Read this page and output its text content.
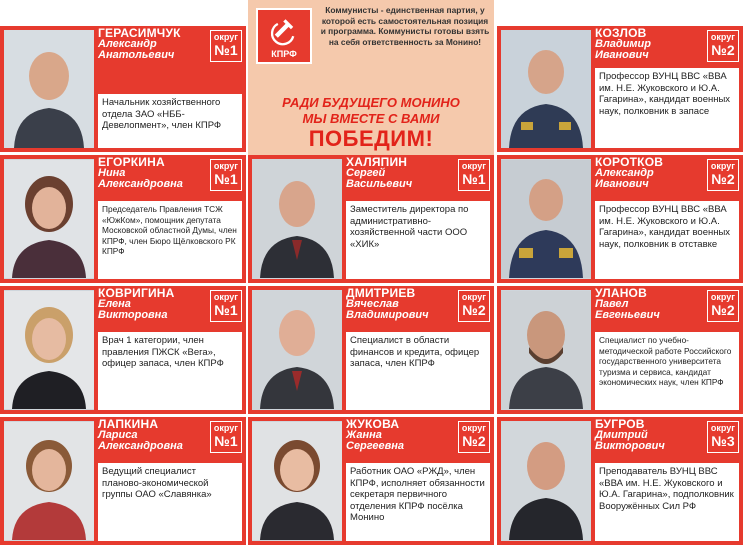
КПРФ
Коммунисты - единственная партия, у которой есть самостоятельная позиция и программа. Коммунисты готовы взять на себя ответственность за Монино!
РАДИ БУДУЩЕГО МОНИНО
МЫ ВМЕСТЕ С ВАМИ
ПОБЕДИМ!
ГЕРАСИМЧУК
Александр
Анатольевич
округ
№1
Начальник хозяйственного отдела ЗАО «НББ-Девелопмент», член КПРФ
КОЗЛОВ
Владимир
Иванович
округ
№2
Профессор ВУНЦ ВВС «ВВА им. Н.Е. Жуковского и Ю.А. Гагарина», кандидат военных наук, полковник в запасе
ЕГОРКИНА
Нина
Александровна
округ
№1
Председатель Правления ТСЖ «ЮжКом», помощник депутата Московской областной Думы, член КПРФ, член Бюро Щёлковского РК КПРФ
ХАЛЯПИН
Сергей
Васильевич
округ
№1
Заместитель директора по административно-хозяйственной части ООО «ХИК»
КОРОТКОВ
Александр
Иванович
округ
№2
Профессор ВУНЦ ВВС «ВВА им. Н.Е. Жуковского и Ю.А. Гагарина», кандидат военных наук, полковник в отставке
КОВРИГИНА
Елена
Викторовна
округ
№1
Врач 1 категории, член правления ПЖСК «Вега», офицер запаса, член КПРФ
ДМИТРИЕВ
Вячеслав
Владимирович
округ
№2
Специалист в области финансов и кредита, офицер запаса, член КПРФ
УЛАНОВ
Павел
Евгеньевич
округ
№2
Специалист по учебно-методической работе Российского государственного университета туризма и сервиса, кандидат экономических наук, член КПРФ
ЛАПКИНА
Лариса
Александровна
округ
№1
Ведущий специалист планово-экономической группы ОАО «Славянка»
ЖУКОВА
Жанна
Сергеевна
округ
№2
Работник ОАО «РЖД», член КПРФ, исполняет обязанности секретаря первичного отделения КПРФ посёлка Монино
БУГРОВ
Дмитрий
Викторович
округ
№3
Преподаватель ВУНЦ ВВС «ВВА им. Н.Е. Жуковского и Ю.А. Гагарина», подполковник Вооружённых Сил РФ
